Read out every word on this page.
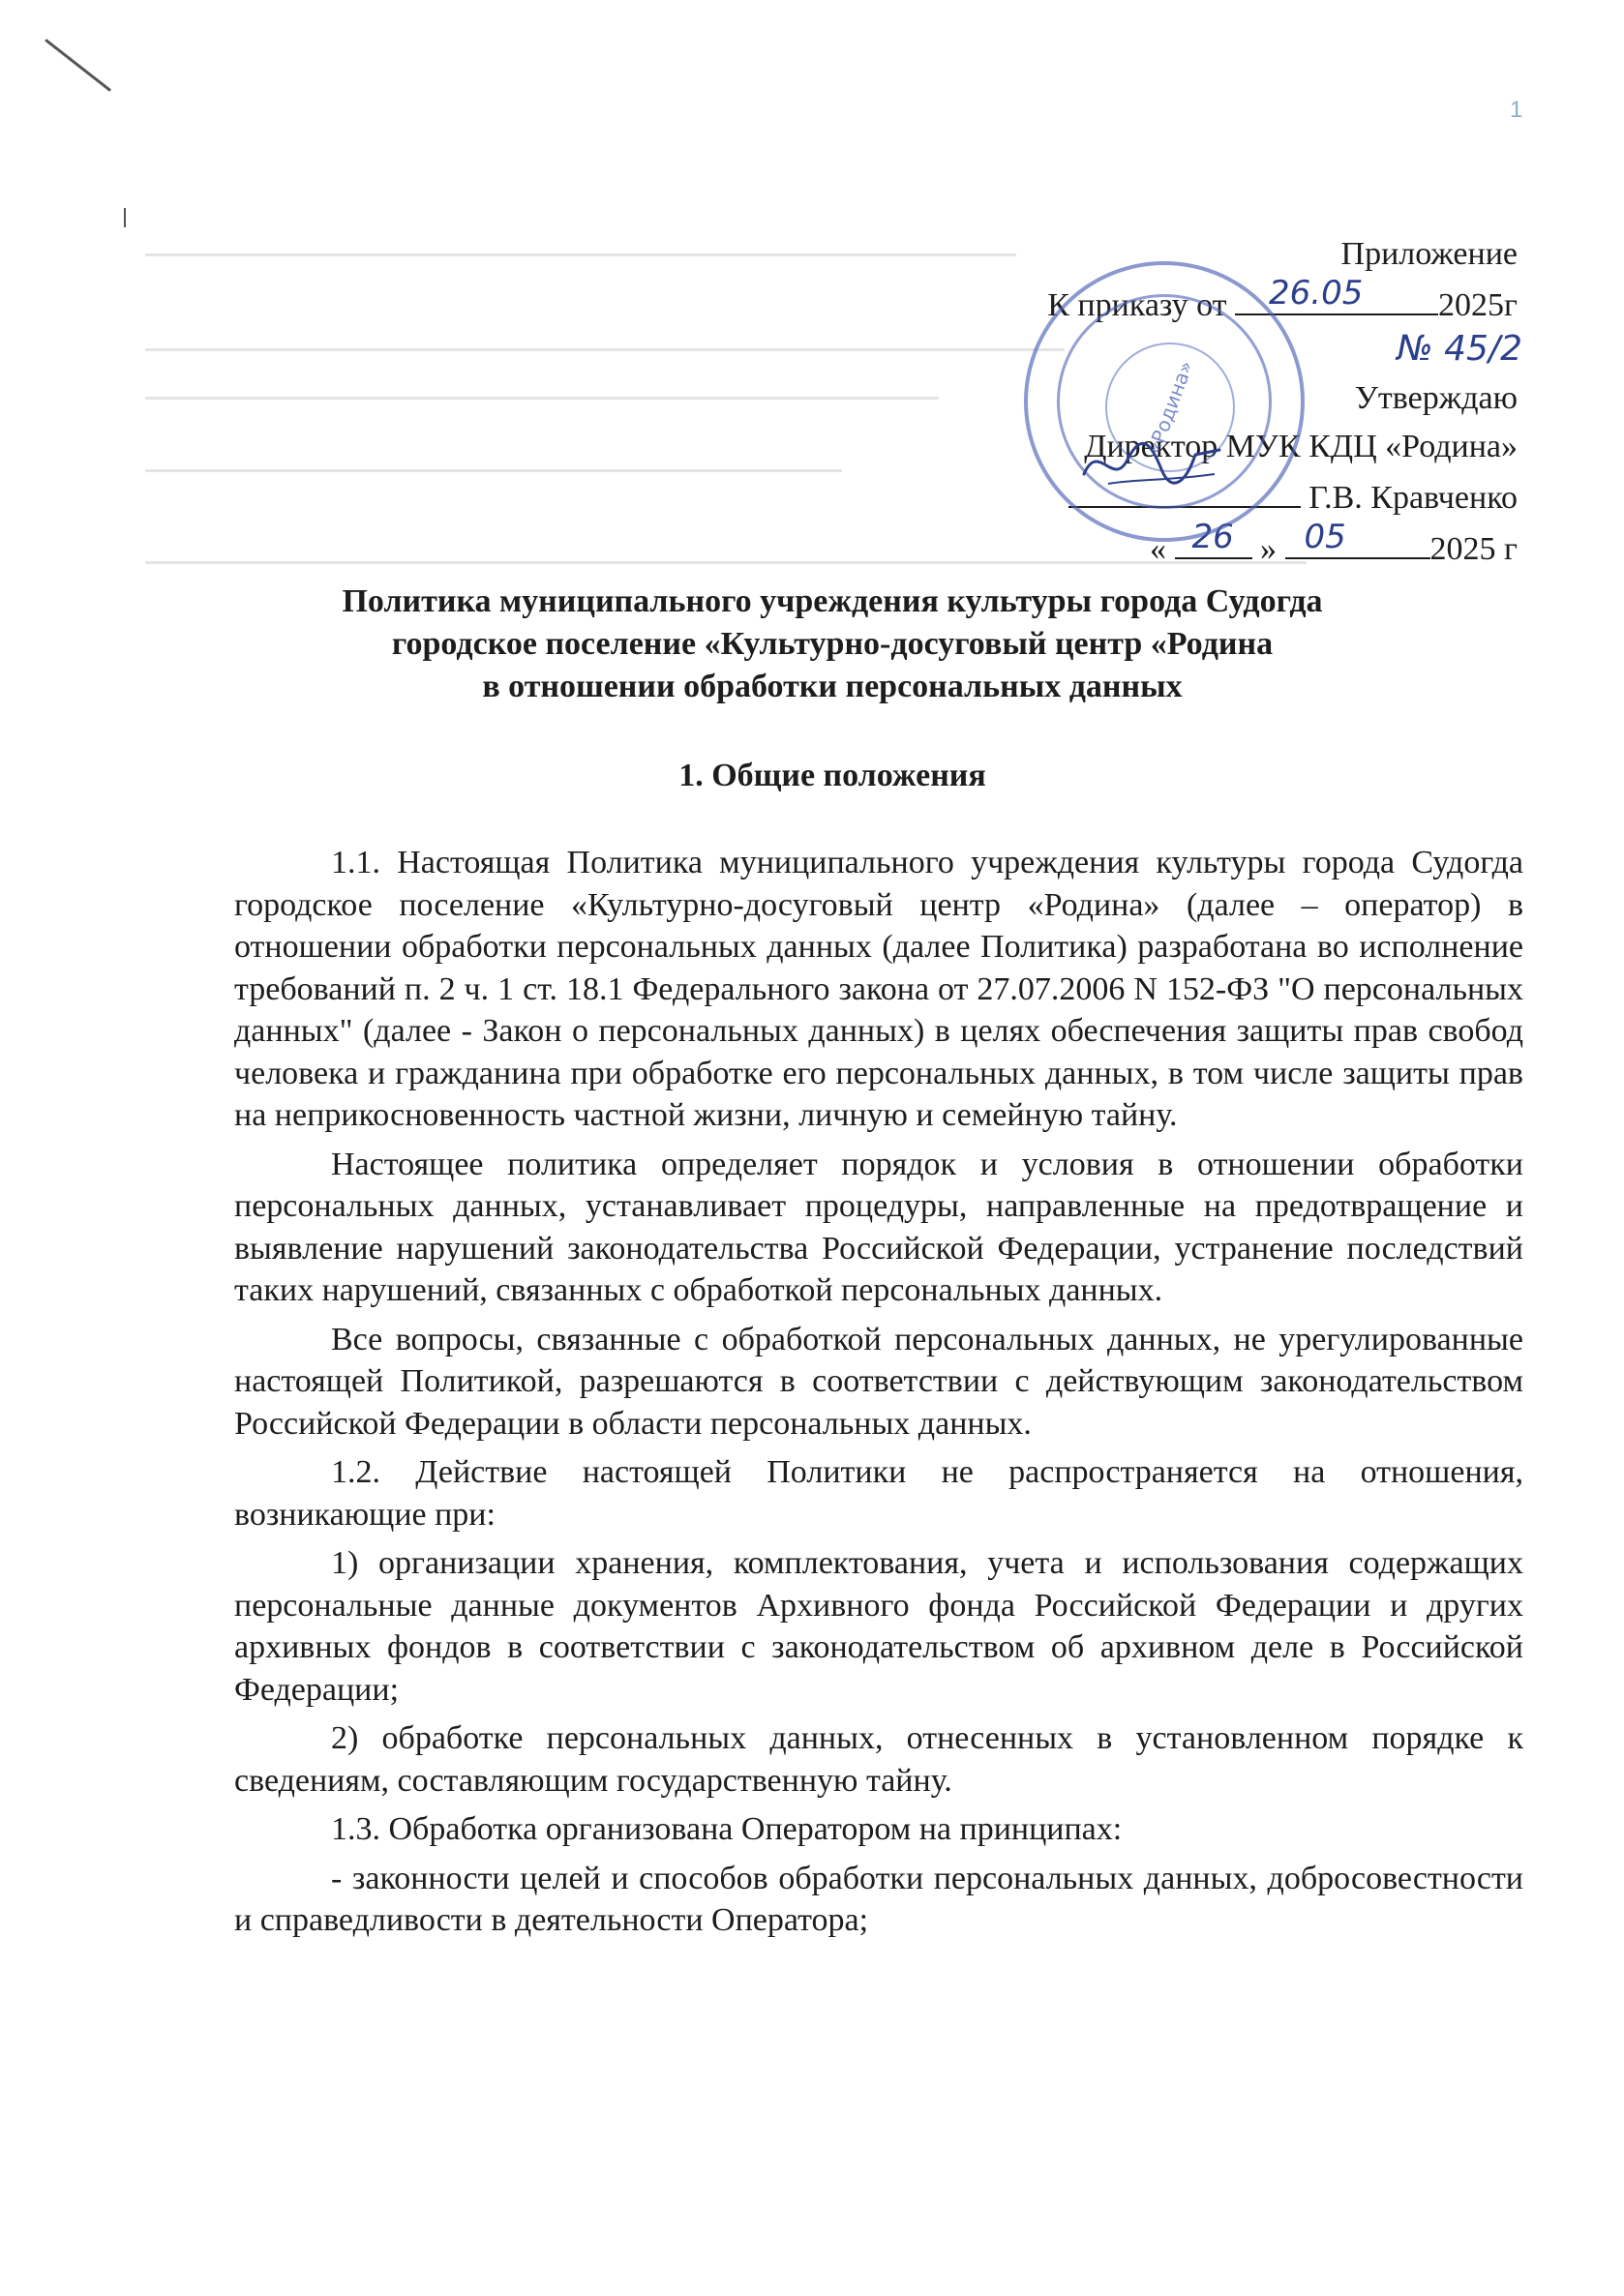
1
Приложение
К приказу от 26.05 2025г
№ 45/2
Утверждаю
Директор МУК КДЦ «Родина»
Г.В. Кравченко
« 26 » 05	2025 г
«Родина»
Политика муниципального учреждения культуры города Судогда
городское поселение «Культурно-досуговый центр «Родина
в отношении обработки персональных данных
1. Общие положения

1.1. Настоящая Политика муниципального учреждения культуры города Судогда городское поселение «Культурно-досуговый центр «Родина» (далее – оператор) в отношении обработки персональных данных (далее Политика) разработана во исполнение требований п. 2 ч. 1 ст. 18.1 Федерального закона от 27.07.2006 N 152-ФЗ "О персональных данных" (далее - Закон о персональных данных) в целях обеспечения защиты прав свобод человека и гражданина при обработке его персональных данных, в том числе защиты прав на неприкосновенность частной жизни, личную и семейную тайну.

Настоящее политика определяет порядок и условия в отношении обработки персональных данных, устанавливает процедуры, направленные на предотвращение и выявление нарушений законодательства Российской Федерации, устранение последствий таких нарушений, связанных с обработкой персональных данных.

Все вопросы, связанные с обработкой персональных данных, не урегулированные настоящей Политикой, разрешаются в соответствии с действующим законодательством Российской Федерации в области персональных данных.

1.2. Действие настоящей Политики не распространяется на отношения, возникающие при:

1) организации хранения, комплектования, учета и использования содержащих персональные данные документов Архивного фонда Российской Федерации и других архивных фондов в соответствии с законодательством об архивном деле в Российской Федерации;

2) обработке персональных данных, отнесенных в установленном порядке к сведениям, составляющим государственную тайну.

1.3. Обработка организована Оператором на принципах:

- законности целей и способов обработки персональных данных, добросовестности и справедливости в деятельности Оператора;
